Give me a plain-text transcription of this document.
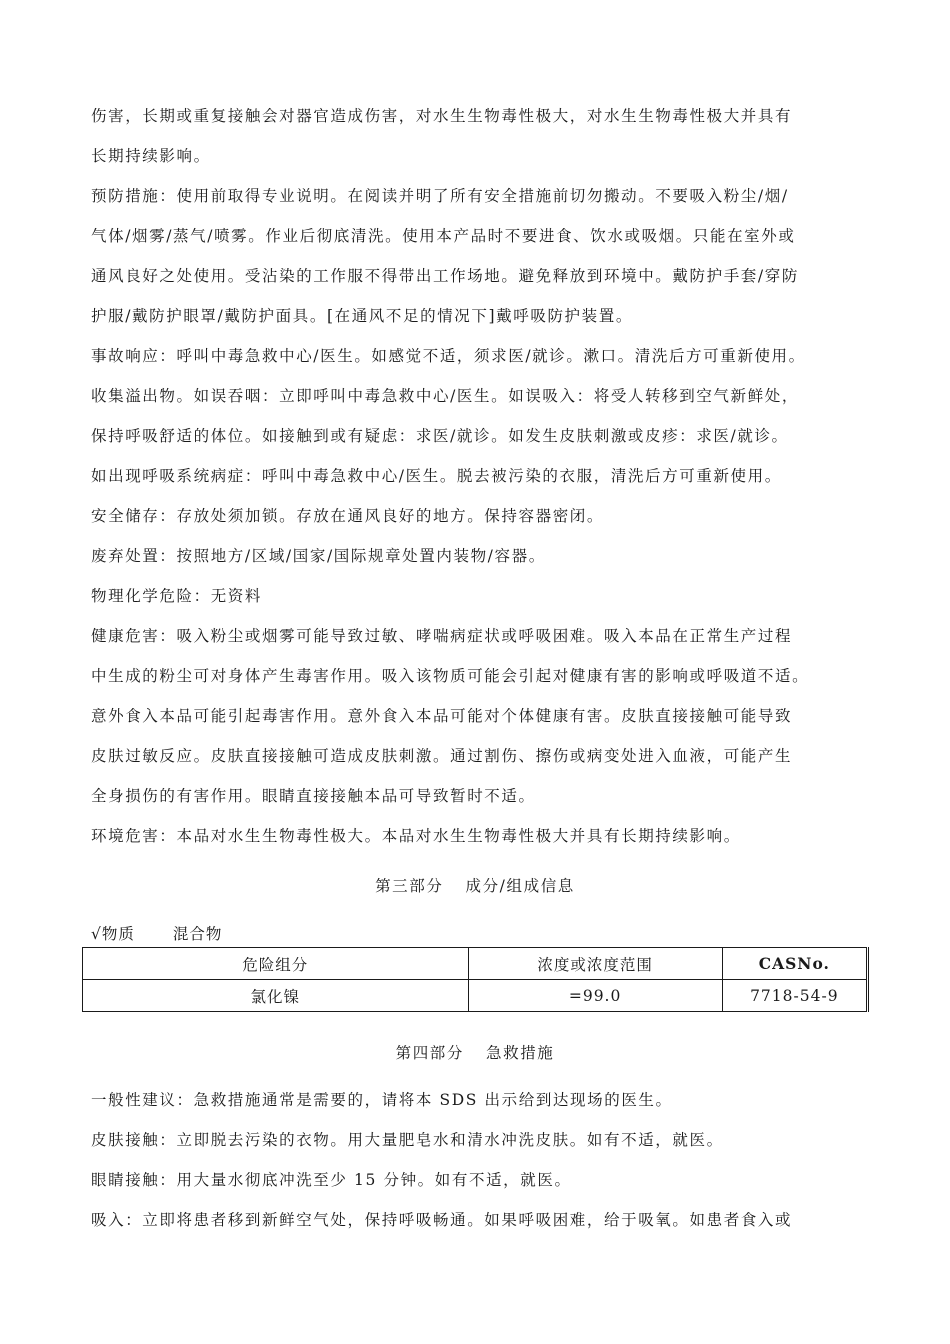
伤害，长期或重复接触会对器官造成伤害，对水生生物毒性极大，对水生生物毒性极大并具有
长期持续影响。
预防措施：使用前取得专业说明。在阅读并明了所有安全措施前切勿搬动。不要吸入粉尘/烟/
气体/烟雾/蒸气/喷雾。作业后彻底清洗。使用本产品时不要进食、饮水或吸烟。只能在室外或
通风良好之处使用。受沾染的工作服不得带出工作场地。避免释放到环境中。戴防护手套/穿防
护服/戴防护眼罩/戴防护面具。[在通风不足的情况下]戴呼吸防护装置。
事故响应：呼叫中毒急救中心/医生。如感觉不适，须求医/就诊。漱口。清洗后方可重新使用。
收集溢出物。如误吞咽：立即呼叫中毒急救中心/医生。如误吸入：将受人转移到空气新鲜处，
保持呼吸舒适的体位。如接触到或有疑虑：求医/就诊。如发生皮肤刺激或皮疹：求医/就诊。
如出现呼吸系统病症：呼叫中毒急救中心/医生。脱去被污染的衣服，清洗后方可重新使用。
安全储存：存放处须加锁。存放在通风良好的地方。保持容器密闭。
废弃处置：按照地方/区域/国家/国际规章处置内装物/容器。
物理化学危险：无资料
健康危害：吸入粉尘或烟雾可能导致过敏、哮喘病症状或呼吸困难。吸入本品在正常生产过程
中生成的粉尘可对身体产生毒害作用。吸入该物质可能会引起对健康有害的影响或呼吸道不适。
意外食入本品可能引起毒害作用。意外食入本品可能对个体健康有害。皮肤直接接触可能导致
皮肤过敏反应。皮肤直接接触可造成皮肤刺激。通过割伤、擦伤或病变处进入血液，可能产生
全身损伤的有害作用。眼睛直接接触本品可导致暂时不适。
环境危害：本品对水生生物毒性极大。本品对水生生物毒性极大并具有长期持续影响。
第三部分 成分/组成信息
√物质 混合物
危险组分	浓度或浓度范围	CASNo.
氯化镍	=99.0	7718-54-9
第四部分 急救措施
一般性建议：急救措施通常是需要的，请将本 SDS 出示给到达现场的医生。
皮肤接触：立即脱去污染的衣物。用大量肥皂水和清水冲洗皮肤。如有不适，就医。
眼睛接触：用大量水彻底冲洗至少 15 分钟。如有不适，就医。
吸入：立即将患者移到新鲜空气处，保持呼吸畅通。如果呼吸困难，给于吸氧。如患者食入或
